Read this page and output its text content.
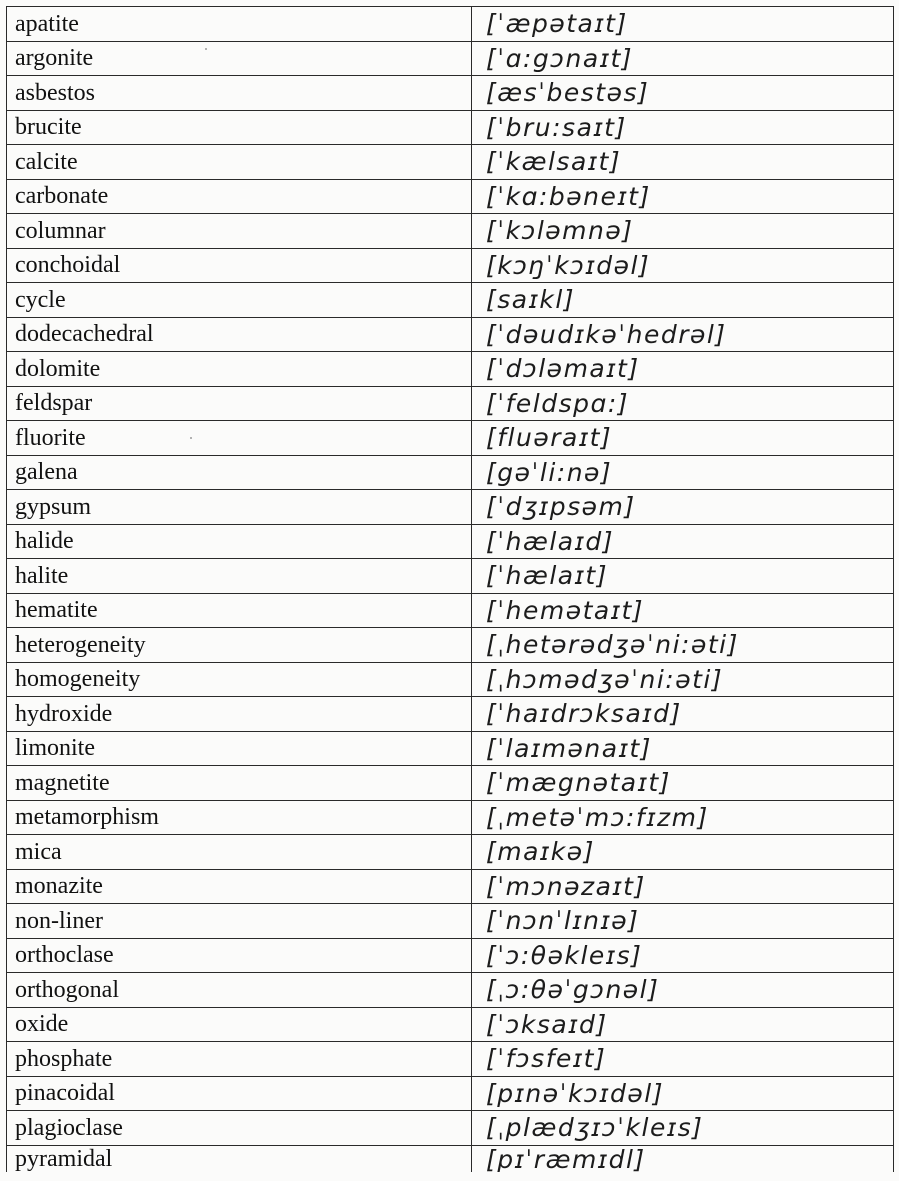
apatite	[ˈæpətaɪt]
argonite	[ˈɑ:gɔnaɪt]
asbestos	[æsˈbestəs]
brucite	[ˈbru:saɪt]
calcite	[ˈkælsaɪt]
carbonate	[ˈkɑ:bəneɪt]
columnar	[ˈkɔləmnə]
conchoidal	[kɔŋˈkɔɪdəl]
cycle	[saɪkl]
dodecachedral	[ˈdəudɪkəˈhedrəl]
dolomite	[ˈdɔləmaɪt]
feldspar	[ˈfeldspɑ:]
fluorite	[fluəraɪt]
galena	[gəˈli:nə]
gypsum	[ˈdʒɪpsəm]
halide	[ˈhælaɪd]
halite	[ˈhælaɪt]
hematite	[ˈhemətaɪt]
heterogeneity	[ˌhetərədʒəˈni:əti]
homogeneity	[ˌhɔmədʒəˈni:əti]
hydroxide	[ˈhaɪdrɔksaɪd]
limonite	[ˈlaɪmənaɪt]
magnetite	[ˈmægnətaɪt]
metamorphism	[ˌmetəˈmɔ:fɪzm]
mica	[maɪkə]
monazite	[ˈmɔnəzaɪt]
non-liner	[ˈnɔnˈlɪnɪə]
orthoclase	[ˈɔ:θəkleɪs]
orthogonal	[ˌɔ:θəˈgɔnəl]
oxide	[ˈɔksaɪd]
phosphate	[ˈfɔsfeɪt]
pinacoidal	[pɪnəˈkɔɪdəl]
plagioclase	[ˌplædʒɪɔˈkleɪs]
pyramidal	[pɪˈræmɪdl]
